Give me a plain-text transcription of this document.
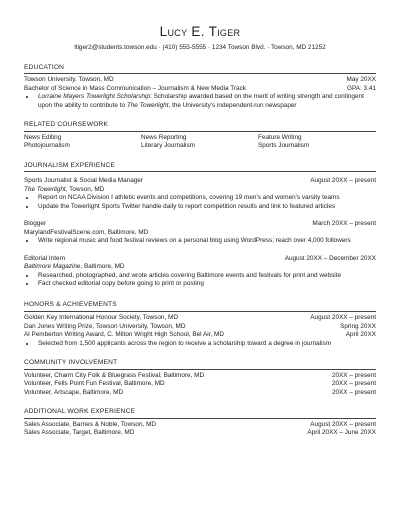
Lucy E. Tiger
ltiger2@students.towson.edu · (410) 555-5555 · 1234 Towson Blvd. · Towson, MD 21252
EDUCATION
Towson University, Towson, MD	May 20XX
Bachelor of Science in Mass Communication – Journalism & New Media Track	GPA: 3.41
• Lorraine Mayers Towerlight Scholarship: Scholarship awarded based on the merit of writing strength and contingent upon the ability to contribute to The Towerlight, the University's independent-run newspaper
RELATED COURSEWORK
News Editing	News Reporting	Feature Writing
Photojournalism	Literary Journalism	Sports Journalism
JOURNALISM EXPERIENCE
Sports Journalist & Social Media Manager	August 20XX – present
The Towerlight, Towson, MD
• Report on NCAA Division I athletic events and competitions, covering 19 men's and women's varsity teams
• Update the Towerlight Sports Twitter handle daily to report competition results and link to featured articles
Blogger	March 20XX – present
MarylandFestivalScene.com, Baltimore, MD
• Write regional music and food festival reviews on a personal blog using WordPress; reach over 4,000 followers
Editorial Intern	August 20XX – December 20XX
Baltimore Magazine, Baltimore, MD
• Researched, photographed, and wrote articles covering Baltimore events and festivals for print and website
• Fact checked editorial copy before going to print or posting
HONORS & ACHIEVEMENTS
Golden Key International Honour Society, Towson, MD	August 20XX – present
Dan Jones Writing Prize, Towson University, Towson, MD	Spring 20XX
Al Pemberton Writing Award, C. Milton Wright High School, Bel Air, MD	April 20XX
• Selected from 1,500 applicants across the region to receive a scholarship toward a degree in journalism
COMMUNITY INVOLVEMENT
Volunteer, Charm City Folk & Bluegrass Festival, Baltimore, MD	20XX – present
Volunteer, Fells Point Fun Festival, Baltimore, MD	20XX – present
Volunteer, Artscape, Baltimore, MD	20XX – present
ADDITIONAL WORK EXPERIENCE
Sales Associate, Barnes & Noble, Towson, MD	August 20XX – present
Sales Associate, Target, Baltimore, MD	April 20XX – June 20XX
